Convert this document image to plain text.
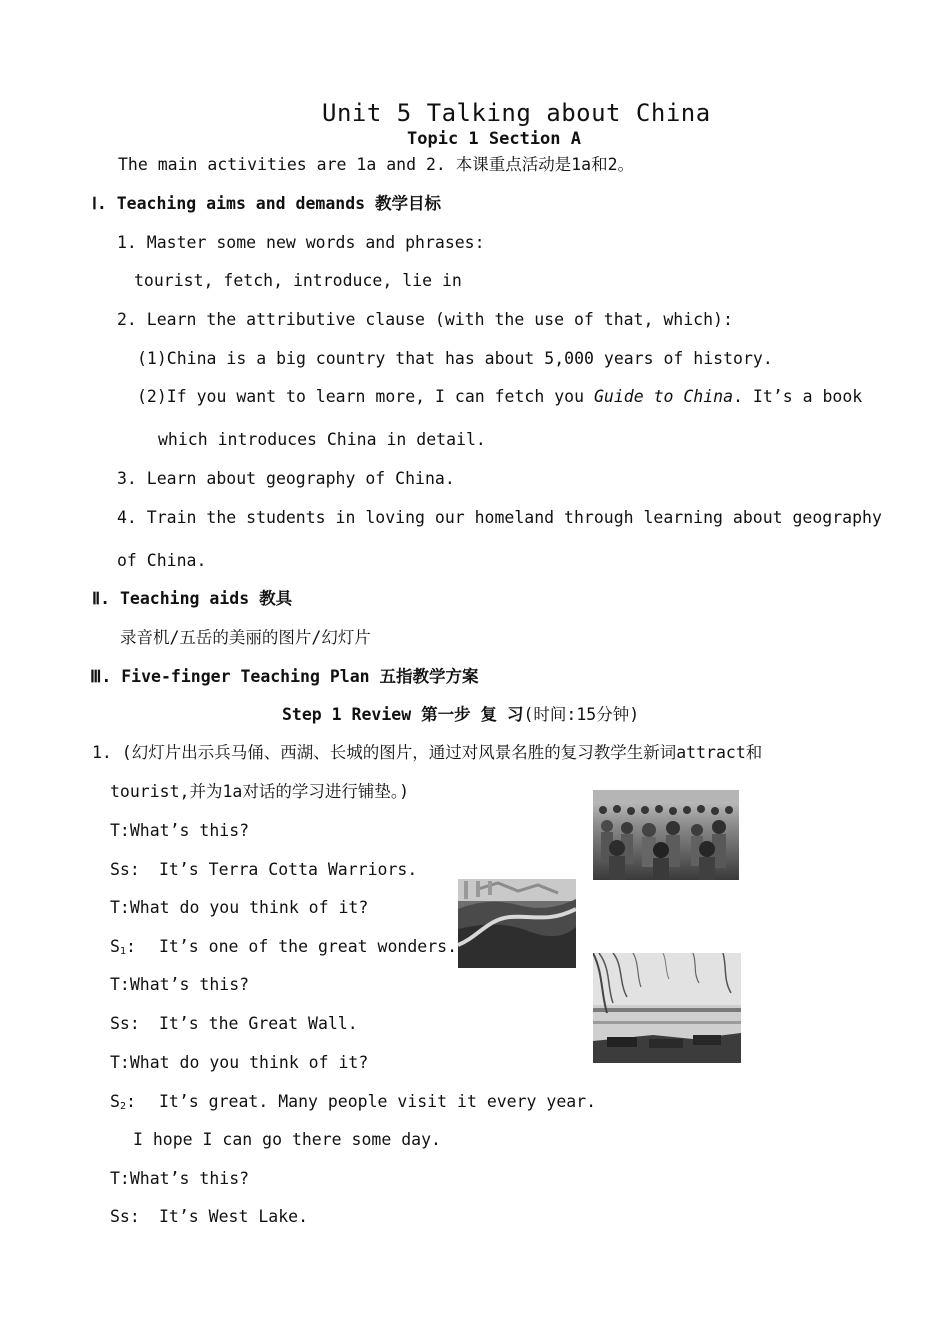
Unit 5 Talking about China
Topic 1 Section A
The main activities are 1a and 2. 本课重点活动是1a和2。
Ⅰ. Teaching aims and demands 教学目标
1. Master some new words and phrases:
tourist, fetch, introduce, lie in
2. Learn the attributive clause (with the use of that, which):
(1)China is a big country that has about 5,000 years of history.
(2)If you want to learn more, I can fetch you Guide to China. It’s a book
which introduces China in detail.
3. Learn about geography of China.
4. Train the students in loving our homeland through learning about geography
of China.
Ⅱ. Teaching aids 教具
录音机/五岳的美丽的图片/幻灯片
Ⅲ. Five-finger Teaching Plan 五指教学方案
Step 1 Review 第一步 复 习(时间:15分钟)
1. (幻灯片出示兵马俑、西湖、长城的图片，通过对风景名胜的复习教学生新词attract和
tourist,并为1a对话的学习进行铺垫。)
T:What’s this?
Ss: It’s Terra Cotta Warriors.
T:What do you think of it?
$S_1$: It’s one of the great wonders.
T:What’s this?
Ss: It’s the Great Wall.
T:What do you think of it?
$S_2$: It’s great. Many people visit it every year.
I hope I can go there some day.
T:What’s this?
Ss: It’s West Lake.
